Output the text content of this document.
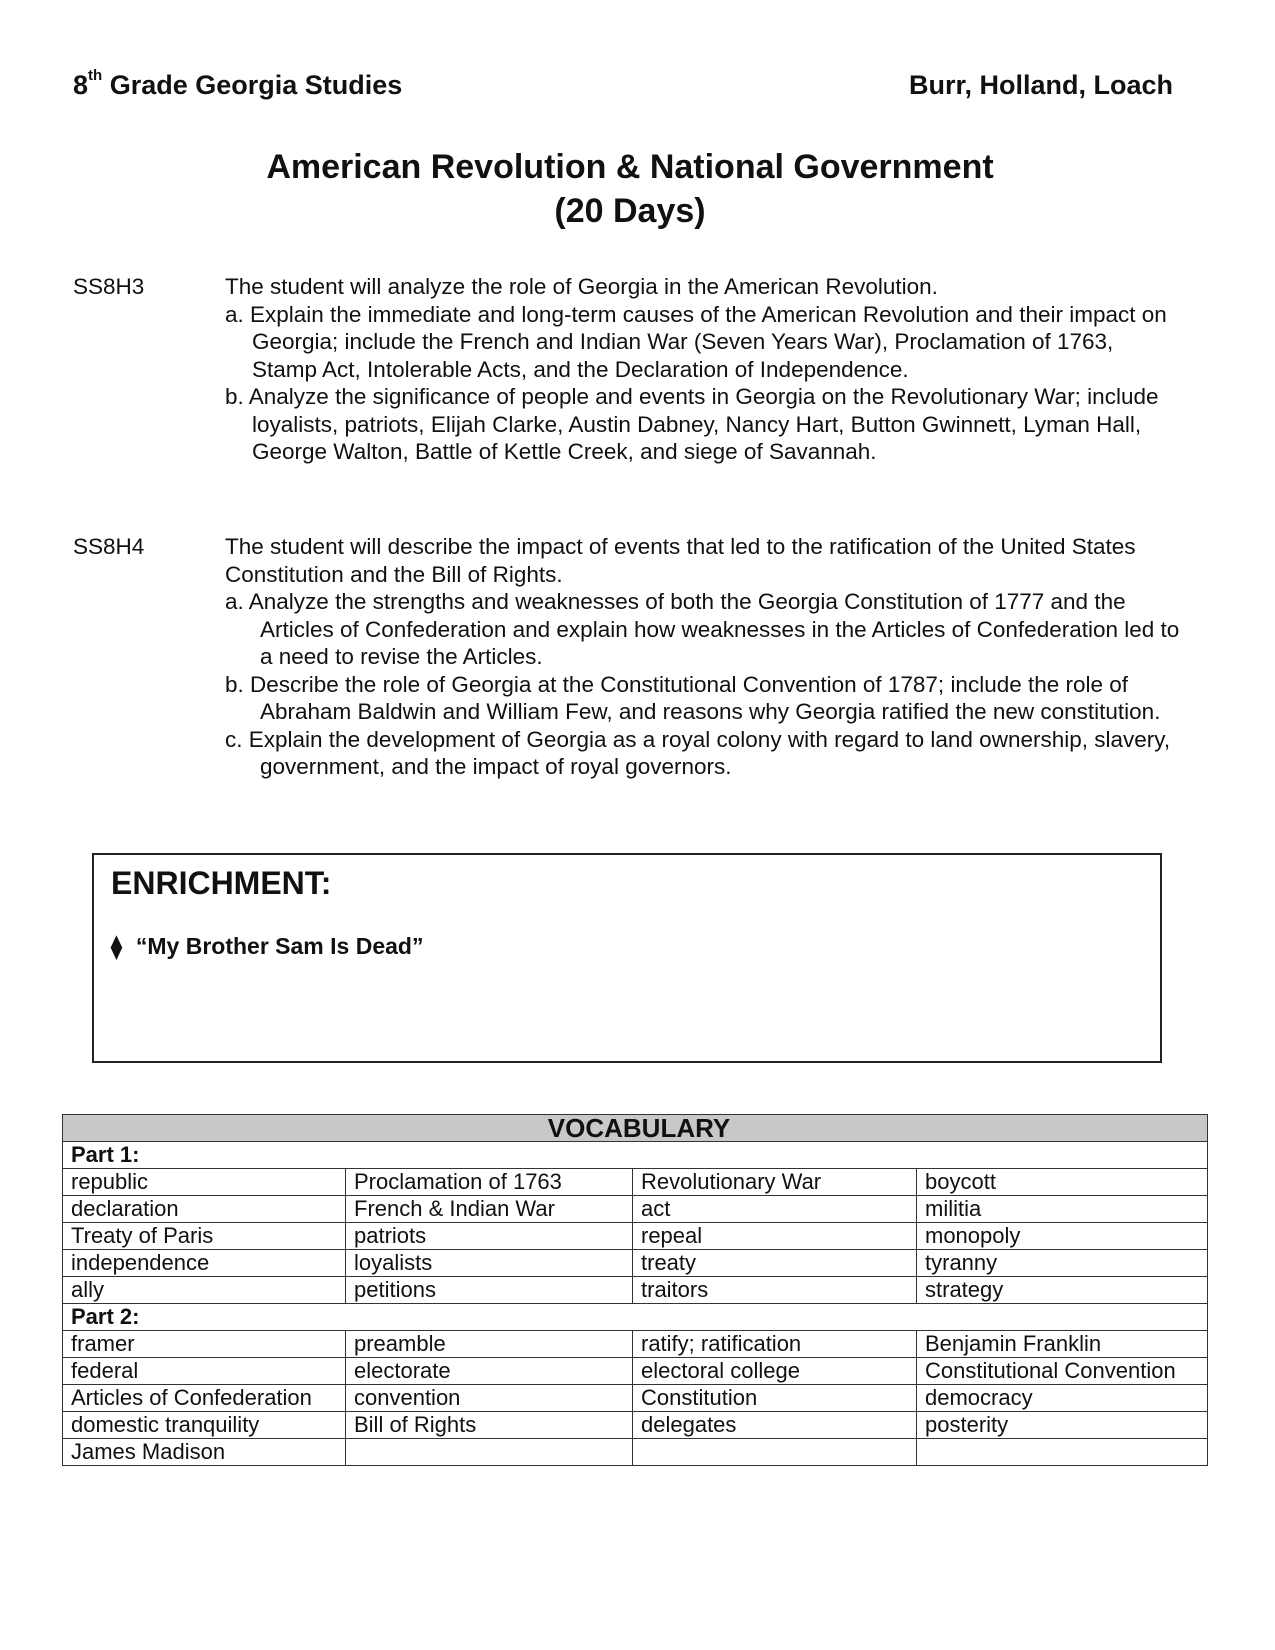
8th Grade Georgia Studies	Burr, Holland, Loach
American Revolution & National Government
(20 Days)
SS8H3	The student will analyze the role of Georgia in the American Revolution.
a. Explain the immediate and long-term causes of the American Revolution and their impact on Georgia; include the French and Indian War (Seven Years War), Proclamation of 1763, Stamp Act, Intolerable Acts, and the Declaration of Independence.
b. Analyze the significance of people and events in Georgia on the Revolutionary War; include loyalists, patriots, Elijah Clarke, Austin Dabney, Nancy Hart, Button Gwinnett, Lyman Hall, George Walton, Battle of Kettle Creek, and siege of Savannah.
SS8H4	The student will describe the impact of events that led to the ratification of the United States Constitution and the Bill of Rights.
a. Analyze the strengths and weaknesses of both the Georgia Constitution of 1777 and the Articles of Confederation and explain how weaknesses in the Articles of Confederation led to a need to revise the Articles.
b. Describe the role of Georgia at the Constitutional Convention of 1787; include the role of Abraham Baldwin and William Few, and reasons why Georgia ratified the new constitution.
c. Explain the development of Georgia as a royal colony with regard to land ownership, slavery, government, and the impact of royal governors.
ENRICHMENT:
⧫ “My Brother Sam Is Dead”
VOCABULARY			
Part 1:			
republic	Proclamation of 1763	Revolutionary War	boycott
declaration	French & Indian War	act	militia
Treaty of Paris	patriots	repeal	monopoly
independence	loyalists	treaty	tyranny
ally	petitions	traitors	strategy
Part 2:			
framer	preamble	ratify; ratification	Benjamin Franklin
federal	electorate	electoral college	Constitutional Convention
Articles of Confederation	convention	Constitution	democracy
domestic tranquility	Bill of Rights	delegates	posterity
James Madison			
